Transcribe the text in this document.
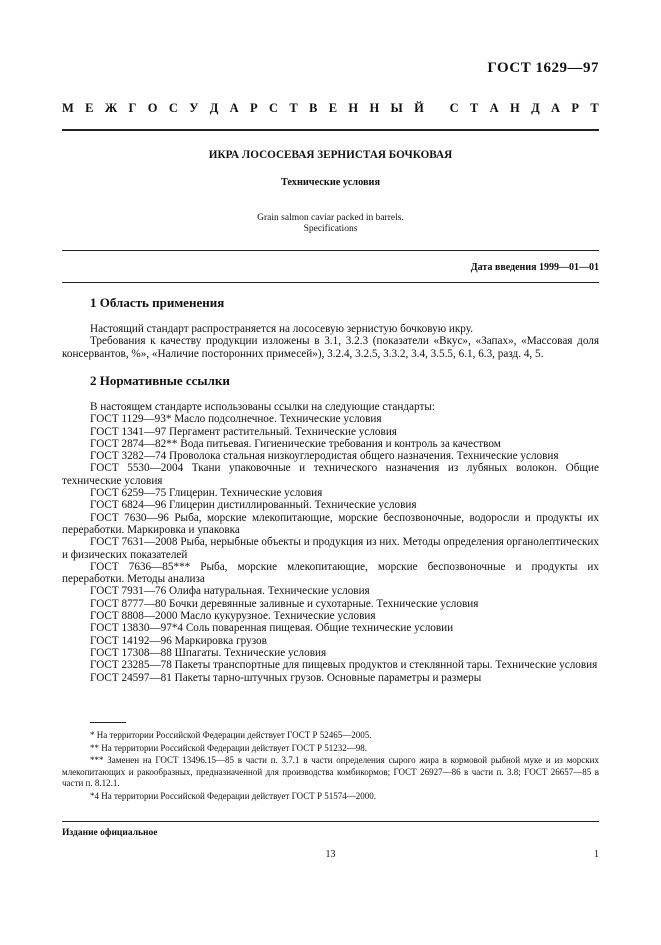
ГОСТ 1629—97
М Е Ж Г О С У Д А Р С Т В Е Н Н Ы Й
С Т А Н Д А Р Т
ИКРА ЛОСОСЕВАЯ ЗЕРНИСТАЯ БОЧКОВАЯ
Технические условия
Grain salmon caviar packed in barrels.
Specifications
Дата введения 1999—01—01
1 Область применения

Настоящий стандарт распространяется на лососевую зернистую бочковую икру.

Требования к качеству продукции изложены в 3.1, 3.2.3 (показатели «Вкус», «Запах», «Массовая доля консервантов, %», «Наличие посторонних примесей»), 3.2.4, 3.2.5, 3.3.2, 3.4, 3.5.5, 6.1, 6.3, разд. 4, 5.

2 Нормативные ссылки

В настоящем стандарте использованы ссылки на следующие стандарты:

ГОСТ 1129—93* Масло подсолнечное. Технические условия

ГОСТ 1341—97 Пергамент растительный. Технические условия

ГОСТ 2874—82** Вода питьевая. Гигиенические требования и контроль за качеством

ГОСТ 3282—74 Проволока стальная низкоуглеродистая общего назначения. Технические условия

ГОСТ 5530—2004 Ткани упаковочные и технического назначения из лубяных волокон. Общие технические условия

ГОСТ 6259—75 Глицерин. Технические условия

ГОСТ 6824—96 Глицерин дистиллированный. Технические условия

ГОСТ 7630—96 Рыба, морские млекопитающие, морские беспозвоночные, водоросли и продукты их переработки. Маркировка и упаковка

ГОСТ 7631—2008 Рыба, нерыбные объекты и продукция из них. Методы определения органолептических и физических показателей

ГОСТ 7636—85*** Рыба, морские млекопитающие, морские беспозвоночные и продукты их переработки. Методы анализа

ГОСТ 7931—76 Олифа натуральная. Технические условия

ГОСТ 8777—80 Бочки деревянные заливные и сухотарные. Технические условия

ГОСТ 8808—2000 Масло кукурузное. Технические условия

ГОСТ 13830—97*4 Соль поваренная пищевая. Общие технические условии

ГОСТ 14192—96 Маркировка грузов

ГОСТ 17308—88 Шпагаты. Технические условия

ГОСТ 23285—78 Пакеты транспортные для пищевых продуктов и стеклянной тары. Технические условия

ГОСТ 24597—81 Пакеты тарно-штучных грузов. Основные параметры и размеры

* На территории Российской Федерации действует ГОСТ Р 52465—2005.

** На территории Российской Федерации действует ГОСТ Р 51232—98.

*** Заменен на ГОСТ 13496.15—85 в части п. 3.7.1 в части определения сырого жира в кормовой рыбной муке и из морских млекопитающих и ракообразных, предназначенной для производства комбикормов; ГОСТ 26927—86 в части п. 3.8; ГОСТ 26657—85 в части п. 8.12.1.

*4 На территории Российской Федерации действует ГОСТ Р 51574—2000.

Издание официальное
13	1
